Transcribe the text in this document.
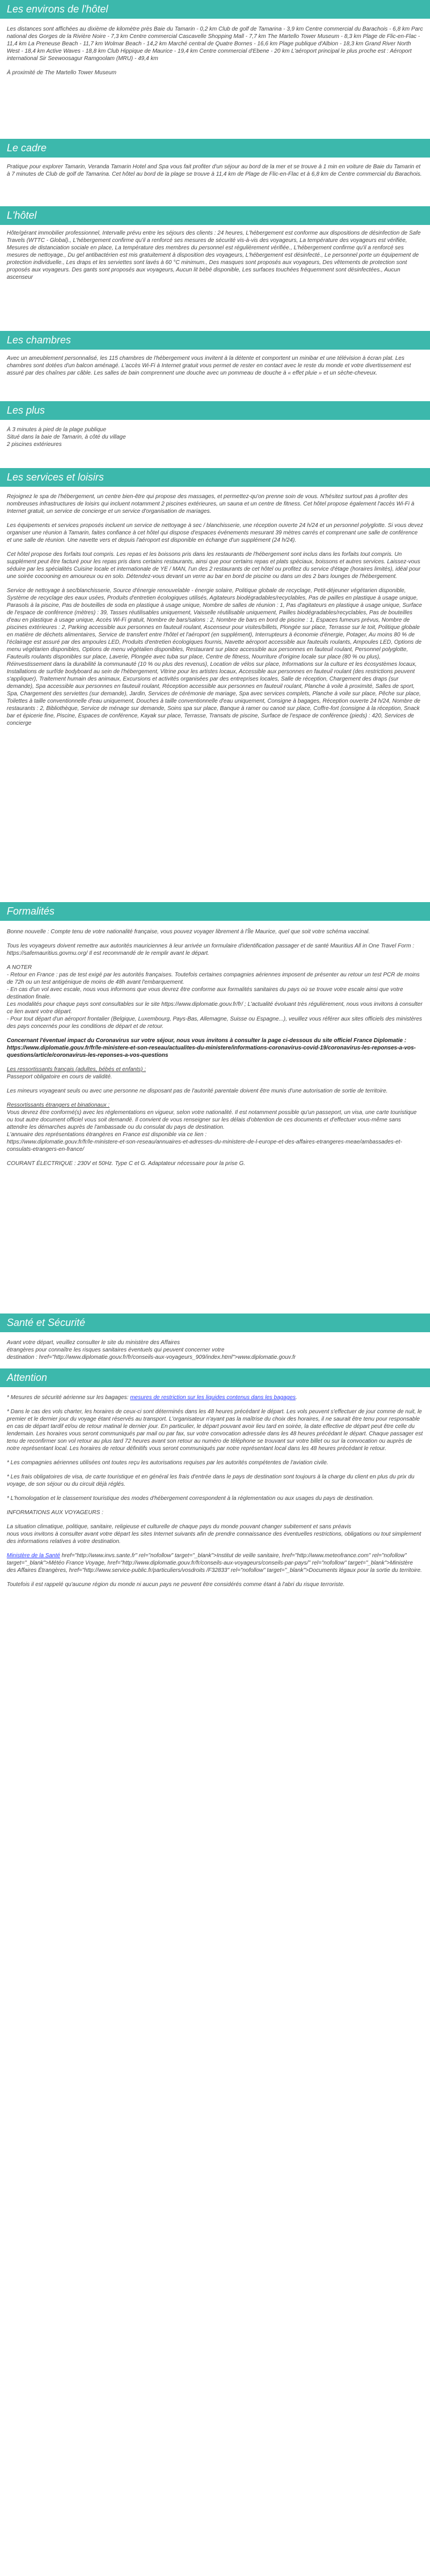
Les environs de l'hôtel

Les distances sont affichées au dixième de kilomètre près Baie du Tamarin - 0,2 km Club de golf de Tamarina - 3,9 km Centre commercial du Barachois - 6,8 km Parc national des Gorges de la Rivière Noire - 7,3 km Centre commercial Cascavelle Shopping Mall - 7,7 km The Martello Tower Museum - 8,3 km Plage de Flic-en-Flac - 11,4 km La Preneuse Beach - 11,7 km Wolmar Beach - 14,2 km Marché central de Quatre Bornes - 16,6 km Plage publique d'Albion - 18,3 km Grand River North West - 18,4 km Active Waves - 18,8 km Club Hippique de Maurice - 19,4 km Centre commercial d'Ebene - 20 km L'aéroport principal le plus proche est : Aéroport international Sir Seewoosagur Ramgoolam (MRU) - 49,4 km

À proximité de The Martello Tower Museum

Le cadre

Pratique pour explorer Tamarin, Veranda Tamarin Hotel and Spa vous fait profiter d'un séjour au bord de la mer et se trouve à 1 min en voiture de Baie du Tamarin et à 7 minutes de Club de golf de Tamarina. Cet hôtel au bord de la plage se trouve à 11,4 km de Plage de Flic-en-Flac et à 6,8 km de Centre commercial du Barachois.

L'hôtel

Hôte/gérant immobilier professionnel, Intervalle prévu entre les séjours des clients : 24 heures, L'hébergement est conforme aux dispositions de désinfection de Safe Travels (WTTC - Global)., L'hébergement confirme qu'il a renforcé ses mesures de sécurité vis-à-vis des voyageurs, La température des voyageurs est vérifiée, Mesures de distanciation sociale en place, La température des membres du personnel est régulièrement vérifiée., L'hébergement confirme qu'il a renforcé ses mesures de nettoyage., Du gel antibactérien est mis gratuitement à disposition des voyageurs, L'hébergement est désinfecté., Le personnel porte un équipement de protection individuelle., Les draps et les serviettes sont lavés à 60 °C minimum., Des masques sont proposés aux voyageurs, Des vêtements de protection sont proposés aux voyageurs. Des gants sont proposés aux voyageurs, Aucun lit bébé disponible, Les surfaces touchées fréquemment sont désinfectées., Aucun ascenseur

Les chambres

Avec un ameublement personnalisé, les 115 chambres de l'hébergement vous invitent à la détente et comportent un minibar et une télévision à écran plat. Les chambres sont dotées d'un balcon aménagé. L'accès Wi-Fi à Internet gratuit vous permet de rester en contact avec le reste du monde et votre divertissement est assuré par des chaînes par câble. Les salles de bain comprennent une douche avec un pommeau de douche à « effet pluie » et un sèche-cheveux.

Les plus
À 3 minutes à pied de la plage publique
Situé dans la baie de Tamarin, à côté du village
2 piscines extérieures
Les services et loisirs

Rejoignez le spa de l'hébergement, un centre bien-être qui propose des massages, et permettez-qu'on prenne soin de vous. N'hésitez surtout pas à profiter des nombreuses infrastructures de loisirs qui incluent notamment 2 piscines extérieures, un sauna et un centre de fitness. Cet hôtel propose également l'accès Wi-Fi à Internet gratuit, un service de concierge et un service d'organisation de mariages.

Les équipements et services proposés incluent un service de nettoyage à sec / blanchisserie, une réception ouverte 24 h/24 et un personnel polyglotte. Si vous devez organiser une réunion à Tamarin, faites confiance à cet hôtel qui dispose d'espaces événements mesurant 39 mètres carrés et comprenant une salle de conférence et une salle de réunion. Une navette vers et depuis l'aéroport est disponible en échange d'un supplément (24 h/24).

Cet hôtel propose des forfaits tout compris. Les repas et les boissons pris dans les restaurants de l'hébergement sont inclus dans les forfaits tout compris. Un supplément peut être facturé pour les repas pris dans certains restaurants, ainsi que pour certains repas et plats spéciaux, boissons et autres services. Laissez-vous séduire par les spécialités Cuisine locale et internationale de YE / MAN, l'un des 2 restaurants de cet hôtel ou profitez du service d'étage (horaires limités), idéal pour une soirée cocooning en amoureux ou en solo. Détendez-vous devant un verre au bar en bord de piscine ou dans un des 2 bars lounges de l'hébergement.

Service de nettoyage à sec/blanchisserie, Source d'énergie renouvelable - énergie solaire, Politique globale de recyclage, Petit-déjeuner végétarien disponible, Système de recyclage des eaux usées, Produits d'entretien écologiques utilisés, Agitateurs biodégradables/recyclables, Pas de pailles en plastique à usage unique, Parasols à la piscine, Pas de bouteilles de soda en plastique à usage unique, Nombre de salles de réunion : 1, Pas d'agitateurs en plastique à usage unique, Surface de l'espace de conférence (mètres) : 39, Tasses réutilisables uniquement, Vaisselle réutilisable uniquement, Pailles biodégradables/recyclables, Pas de bouteilles d'eau en plastique à usage unique, Accès Wi-Fi gratuit, Nombre de bars/salons : 2, Nombre de bars en bord de piscine : 1, Espaces fumeurs prévus, Nombre de piscines extérieures : 2, Parking accessible aux personnes en fauteuil roulant, Ascenseur pour visites/billets, Plongée sur place, Terrasse sur le toit, Politique globale en matière de déchets alimentaires, Service de transfert entre l'hôtel et l'aéroport (en supplément), Interrupteurs à économie d'énergie, Potager, Au moins 80 % de l'éclairage est assuré par des ampoules LED, Produits d'entretien écologiques fournis, Navette aéroport accessible aux fauteuils roulants, Ampoules LED, Options de menu végétarien disponibles, Options de menu végétalien disponibles, Restaurant sur place accessible aux personnes en fauteuil roulant, Personnel polyglotte, Fauteuils roulants disponibles sur place, Laverie, Plongée avec tuba sur place, Centre de fitness, Nourriture d'origine locale sur place (80 % ou plus), Réinvestissement dans la durabilité la communauté (10 % ou plus des revenus), Location de vélos sur place, Informations sur la culture et les écosystèmes locaux, Installations de surf/de bodyboard au sein de l'hébergement, Vitrine pour les artistes locaux, Accessible aux personnes en fauteuil roulant (des restrictions peuvent s'appliquer), Traitement humain des animaux, Excursions et activités organisées par des entreprises locales, Salle de réception, Chargement des draps (sur demande), Spa accessible aux personnes en fauteuil roulant, Réception accessible aux personnes en fauteuil roulant, Planche à voile à proximité, Salles de sport, Spa, Chargement des serviettes (sur demande), Jardin, Services de cérémonie de mariage, Spa avec services complets, Planche à voile sur place, Pêche sur place, Toilettes à taille conventionnelle d'eau uniquement, Douches à taille conventionnelle d'eau uniquement, Consigne à bagages, Réception ouverte 24 h/24, Nombre de restaurants : 2, Bibliothèque, Service de ménage sur demande, Soins spa sur place, Banque à ramer ou canoë sur place, Coffre-fort (consigne à la réception, Snack bar et épicerie fine, Piscine, Espaces de conférence, Kayak sur place, Terrasse, Transats de piscine, Surface de l'espace de conférence (pieds) : 420, Services de concierge

Formalités

Bonne nouvelle : Compte tenu de votre nationalité française, vous pouvez voyager librement à l'Île Maurice, quel que soit votre schéma vaccinal.

Tous les voyageurs doivent remettre aux autorités mauriciennes à leur arrivée un formulaire d'identification passager et de santé Mauritius All in One Travel Form : https://safemauritius.govmu.org/ Il est recommandé de le remplir avant le départ.

A NOTER

- Retour en France : pas de test exigé par les autorités françaises. Toutefois certaines compagnies aériennes imposent de présenter au retour un test PCR de moins de 72h ou un test antigénique de moins de 48h avant l'embarquement.

- En cas d'un vol avec escale, nous vous informons que vous devrez être conforme aux formalités sanitaires du pays où se trouve votre escale ainsi que votre destination finale.

Les modalités pour chaque pays sont consultables sur le site https://www.diplomatie.gouv.fr/fr/ ; L'actualité évoluant très régulièrement, nous vous invitons à consulter ce lien avant votre départ.

- Pour tout départ d'un aéroport frontalier (Belgique, Luxembourg, Pays-Bas, Allemagne, Suisse ou Espagne...), veuillez vous référer aux sites officiels des ministères des pays concernés pour les conditions de départ et de retour.

Concernant l'éventuel impact du Coronavirus sur votre séjour, nous vous invitons à consulter la page ci-dessous du site officiel France Diplomatie :

https://www.diplomatie.gouv.fr/fr/le-ministere-et-son-reseau/actualites-du-ministere/informations-coronavirus-covid-19/coronavirus-les-reponses-a-vos-questions/article/coronavirus-les-reponses-a-vos-questions

Les ressortissants français (adultes, bébés et enfants) :

Passeport obligatoire en cours de validité.

Les mineurs voyageant seuls ou avec une personne ne disposant pas de l'autorité parentale doivent être munis d'une autorisation de sortie de territoire.

Ressortissants étrangers et binationaux :

Vous devrez être conformé(s) avec les réglementations en vigueur, selon votre nationalité. Il est notamment possible qu'un passeport, un visa, une carte touristique ou tout autre document officiel vous soit demandé. Il convient de vous renseigner sur les délais d'obtention de ces documents et d'effectuer vous-même sans attendre les démarches auprès de l'ambassade ou du consulat du pays de destination.

L'annuaire des représentations étrangères en France est disponible via ce lien :

https://www.diplomatie.gouv.fr/fr/le-ministere-et-son-reseau/annuaires-et-adresses-du-ministere-de-l-europe-et-des-affaires-etrangeres-meae/ambassades-et-consulats-etrangers-en-france/

COURANT ÉLECTRIQUE : 230V et 50Hz. Type C et G. Adaptateur nécessaire pour la prise G.

Santé et Sécurité
Avant votre départ, veuillez consulter le site du ministère des Affaires
étrangères pour connaître les risques sanitaires éventuels qui peuvent concerner votre
destination : href="http://www.diplomatie.gouv.fr/fr/conseils-aux-voyageurs_909/index.html">www.diplomatie.gouv.fr
Attention

* Mesures de sécurité aérienne sur les bagages: mesures de restriction sur les liquides contenus dans les bagages.

* Dans le cas des vols charter, les horaires de ceux-ci sont déterminés dans les 48 heures précédant le départ. Les vols peuvent s'effectuer de jour comme de nuit, le premier et le dernier jour du voyage étant réservés au transport. L'organisateur n'ayant pas la maîtrise du choix des horaires, il ne saurait être tenu pour responsable en cas de départ tardif et/ou de retour matinal le dernier jour. En particulier, le départ pouvant avoir lieu tard en soirée, la date effective de départ peut être celle du lendemain. Les horaires vous seront communiqués par mail ou par fax, sur votre convocation adressée dans les 48 heures précédant le départ. Chaque passager est tenu de reconfirmer son vol retour au plus tard 72 heures avant son retour au numéro de téléphone se trouvant sur votre billet ou sur la convocation ou auprès de notre représentant local. Les horaires de retour définitifs vous seront communiqués par notre représentant local dans les 48 heures précédant le retour.

* Les compagnies aériennes utilisées ont toutes reçu les autorisations requises par les autorités compétentes de l'aviation civile.

* Les frais obligatoires de visa, de carte touristique et en général les frais d'entrée dans le pays de destination sont toujours à la charge du client en plus du prix du voyage, de son séjour ou du circuit déjà réglés.

* L'homologation et le classement touristique des modes d'hébergement correspondent à la réglementation ou aux usages du pays de destination.

INFORMATIONS AUX VOYAGEURS :

La situation climatique, politique, sanitaire, religieuse et culturelle de chaque pays du monde pouvant changer subitement et sans préavis

nous vous invitons à consulter avant votre départ les sites Internet suivants afin de prendre connaissance des éventuelles restrictions, obligations ou tout simplement des informations relatives à votre destination.

Ministère de la Santé href="http://www.invs.sante.fr" rel="nofollow" target="_blank">Institut de veille sanitaire, href="http://www.meteofrance.com" rel="nofollow" target="_blank">Météo France Voyage, href="http://www.diplomatie.gouv.fr/fr/conseils-aux-voyageurs/conseils-par-pays/" rel="nofollow" target="_blank">Ministère des Affaires Étrangères, href="http://www.service-public.fr/particuliers/vosdroits /F32833" rel="nofollow" target="_blank">Documents légaux pour la sortie du territoire.

Toutefois il est rappelé qu'aucune région du monde ni aucun pays ne peuvent être considérés comme étant à l'abri du risque terroriste.
